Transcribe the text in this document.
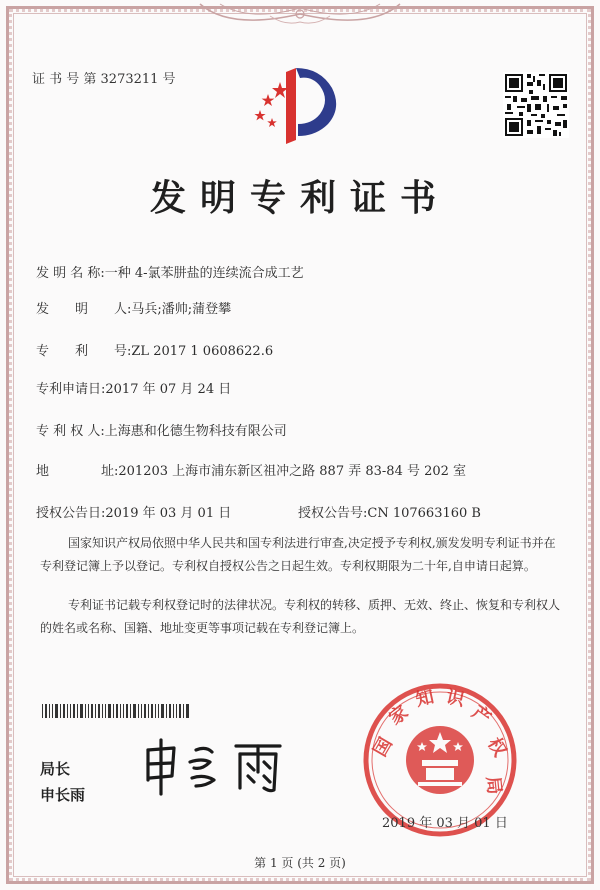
证 书 号 第 3273211 号
发明专利证书
发 明 名 称:一种 4-氯苯肼盐的连续流合成工艺
发　　明　　人:马兵;潘帅;蒲登攀
专　　利　　号:ZL 2017 1 0608622.6
专利申请日:2017 年 07 月 24 日
专 利 权 人:上海惠和化德生物科技有限公司
地　　　　址:201203 上海市浦东新区祖冲之路 887 弄 83-84 号 202 室
授权公告日:2019 年 03 月 01 日	授权公告号:CN 107663160 B
国家知识产权局依照中华人民共和国专利法进行审查,决定授予专利权,颁发发明专利证书并在专利登记簿上予以登记。专利权自授权公告之日起生效。专利权期限为二十年,自申请日起算。
专利证书记载专利权登记时的法律状况。专利权的转移、质押、无效、终止、恢复和专利权人的姓名或名称、国籍、地址变更等事项记载在专利登记簿上。
局长
申长雨
国
家
知 识
产
权
局
2019 年 03 月 01 日
第 1 页 (共 2 页)
